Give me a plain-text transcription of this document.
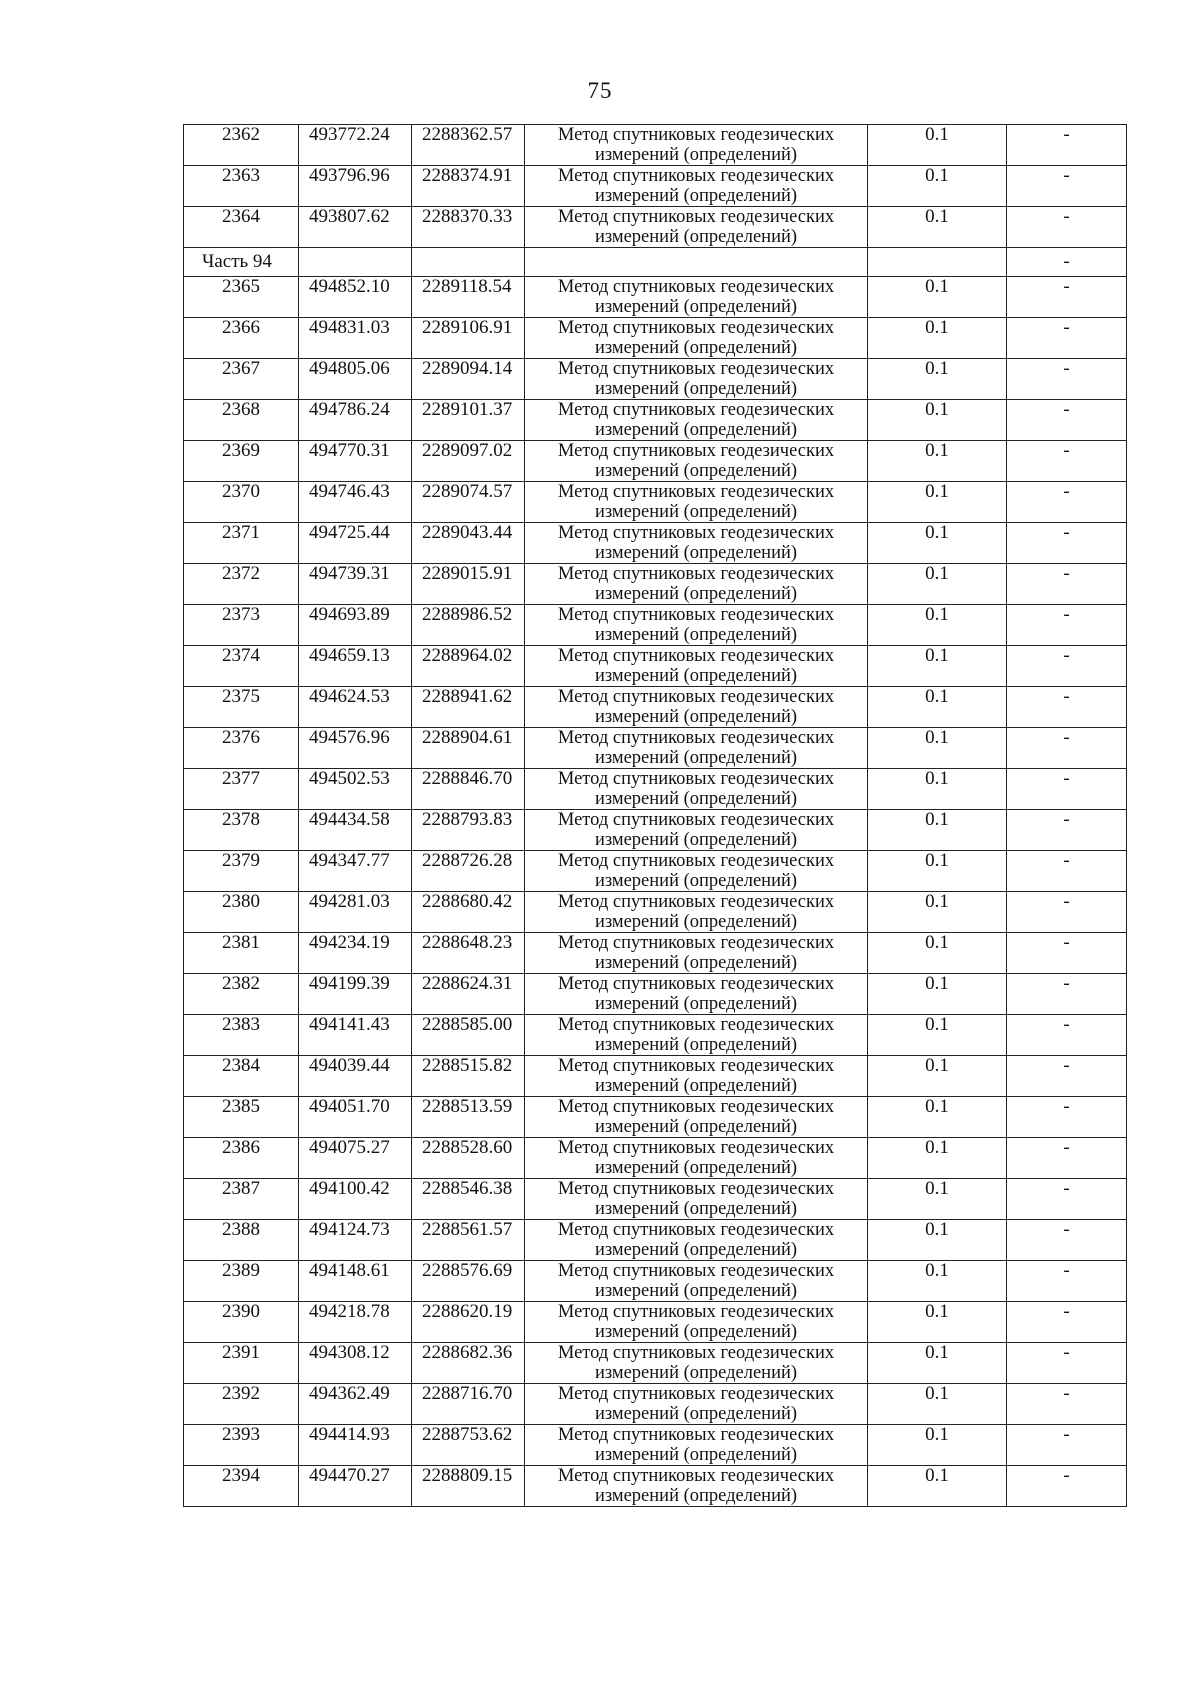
75
2362	493772.24	2288362.57	Метод спутниковых геодезических
измерений (определений)	0.1	-
2363	493796.96	2288374.91	Метод спутниковых геодезических
измерений (определений)	0.1	-
2364	493807.62	2288370.33	Метод спутниковых геодезических
измерений (определений)	0.1	-
Часть 94					-
2365	494852.10	2289118.54	Метод спутниковых геодезических
измерений (определений)	0.1	-
2366	494831.03	2289106.91	Метод спутниковых геодезических
измерений (определений)	0.1	-
2367	494805.06	2289094.14	Метод спутниковых геодезических
измерений (определений)	0.1	-
2368	494786.24	2289101.37	Метод спутниковых геодезических
измерений (определений)	0.1	-
2369	494770.31	2289097.02	Метод спутниковых геодезических
измерений (определений)	0.1	-
2370	494746.43	2289074.57	Метод спутниковых геодезических
измерений (определений)	0.1	-
2371	494725.44	2289043.44	Метод спутниковых геодезических
измерений (определений)	0.1	-
2372	494739.31	2289015.91	Метод спутниковых геодезических
измерений (определений)	0.1	-
2373	494693.89	2288986.52	Метод спутниковых геодезических
измерений (определений)	0.1	-
2374	494659.13	2288964.02	Метод спутниковых геодезических
измерений (определений)	0.1	-
2375	494624.53	2288941.62	Метод спутниковых геодезических
измерений (определений)	0.1	-
2376	494576.96	2288904.61	Метод спутниковых геодезических
измерений (определений)	0.1	-
2377	494502.53	2288846.70	Метод спутниковых геодезических
измерений (определений)	0.1	-
2378	494434.58	2288793.83	Метод спутниковых геодезических
измерений (определений)	0.1	-
2379	494347.77	2288726.28	Метод спутниковых геодезических
измерений (определений)	0.1	-
2380	494281.03	2288680.42	Метод спутниковых геодезических
измерений (определений)	0.1	-
2381	494234.19	2288648.23	Метод спутниковых геодезических
измерений (определений)	0.1	-
2382	494199.39	2288624.31	Метод спутниковых геодезических
измерений (определений)	0.1	-
2383	494141.43	2288585.00	Метод спутниковых геодезических
измерений (определений)	0.1	-
2384	494039.44	2288515.82	Метод спутниковых геодезических
измерений (определений)	0.1	-
2385	494051.70	2288513.59	Метод спутниковых геодезических
измерений (определений)	0.1	-
2386	494075.27	2288528.60	Метод спутниковых геодезических
измерений (определений)	0.1	-
2387	494100.42	2288546.38	Метод спутниковых геодезических
измерений (определений)	0.1	-
2388	494124.73	2288561.57	Метод спутниковых геодезических
измерений (определений)	0.1	-
2389	494148.61	2288576.69	Метод спутниковых геодезических
измерений (определений)	0.1	-
2390	494218.78	2288620.19	Метод спутниковых геодезических
измерений (определений)	0.1	-
2391	494308.12	2288682.36	Метод спутниковых геодезических
измерений (определений)	0.1	-
2392	494362.49	2288716.70	Метод спутниковых геодезических
измерений (определений)	0.1	-
2393	494414.93	2288753.62	Метод спутниковых геодезических
измерений (определений)	0.1	-
2394	494470.27	2288809.15	Метод спутниковых геодезических
измерений (определений)	0.1	-
